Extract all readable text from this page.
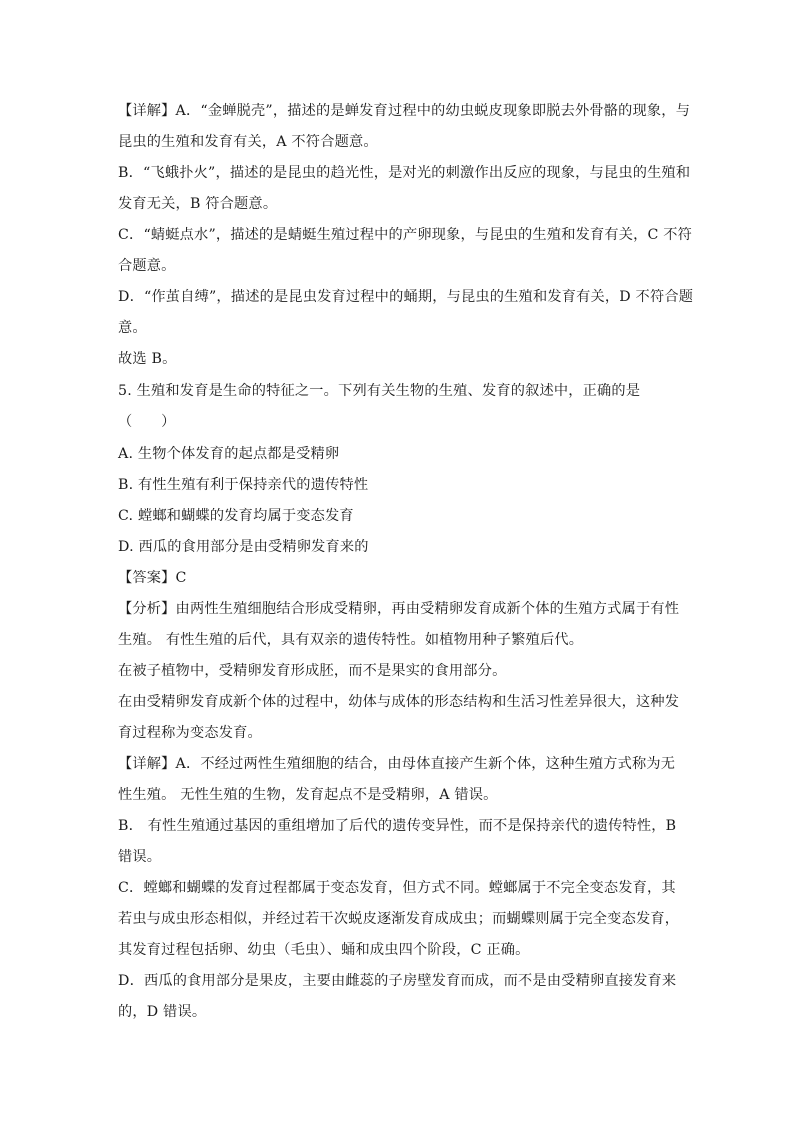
【详解】A．“金蝉脱壳”，描述的是蝉发育过程中的幼虫蜕皮现象即脱去外骨骼的现象，与
昆虫的生殖和发育有关，A 不符合题意。
B．“飞蛾扑火”，描述的是昆虫的趋光性，是对光的刺激作出反应的现象，与昆虫的生殖和
发育无关，B 符合题意。
C．“蜻蜓点水”，描述的是蜻蜓生殖过程中的产卵现象，与昆虫的生殖和发育有关，C 不符
合题意。
D．“作茧自缚”，描述的是昆虫发育过程中的蛹期，与昆虫的生殖和发育有关，D 不符合题
意。
故选 B。
5. 生殖和发育是生命的特征之一。下列有关生物的生殖、发育的叙述中，正确的是
（　　）
A. 生物个体发育的起点都是受精卵
B. 有性生殖有利于保持亲代的遗传特性
C. 螳螂和蝴蝶的发育均属于变态发育
D. 西瓜的食用部分是由受精卵发育来的
【答案】C
【分析】由两性生殖细胞结合形成受精卵，再由受精卵发育成新个体的生殖方式属于有性
生殖。 有性生殖的后代，具有双亲的遗传特性。如植物用种子繁殖后代。
在被子植物中，受精卵发育形成胚，而不是果实的食用部分。
在由受精卵发育成新个体的过程中，幼体与成体的形态结构和生活习性差异很大，这种发
育过程称为变态发育。
【详解】A．不经过两性生殖细胞的结合，由母体直接产生新个体，这种生殖方式称为无
性生殖。 无性生殖的生物，发育起点不是受精卵，A 错误。
B． 有性生殖通过基因的重组增加了后代的遗传变异性，而不是保持亲代的遗传特性，B
错误。
C．螳螂和蝴蝶的发育过程都属于变态发育，但方式不同。螳螂属于不完全变态发育，其
若虫与成虫形态相似，并经过若干次蜕皮逐渐发育成成虫；而蝴蝶则属于完全变态发育，
其发育过程包括卵、幼虫（毛虫）、蛹和成虫四个阶段，C 正确。
D．西瓜的食用部分是果皮，主要由雌蕊的子房壁发育而成，而不是由受精卵直接发育来
的，D 错误。
